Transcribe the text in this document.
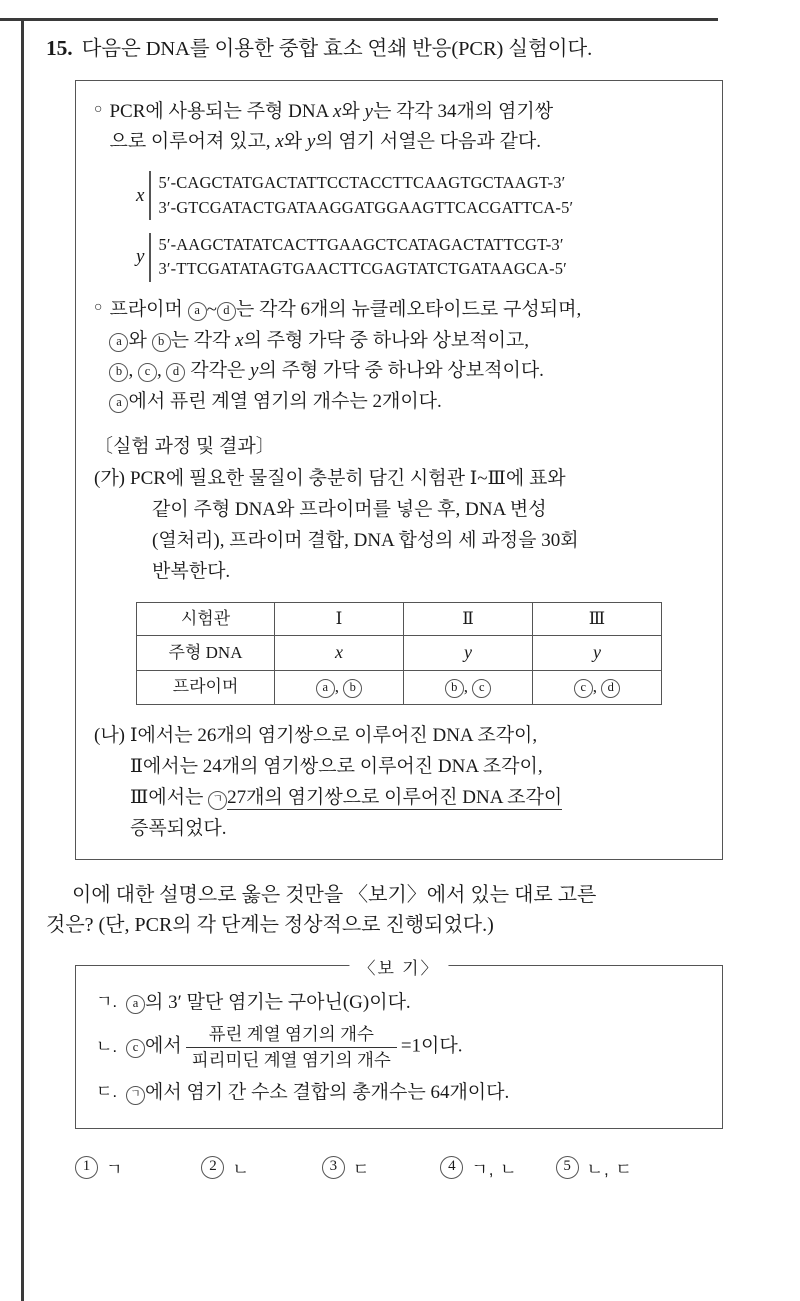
15. 다음은 DNA를 이용한 중합 효소 연쇄 반응(PCR) 실험이다.
○ PCR에 사용되는 주형 DNA x와 y는 각각 34개의 염기쌍

으로 이루어져 있고, x와 y의 염기 서열은 다음과 같다.

x
5′-CAGCTATGACTATTCCTACCTTCAAGTGCTAAGT-3′
3′-GTCGATACTGATAAGGATGGAAGTTCACGATTCA-5′
y
5′-AAGCTATATCACTTGAAGCTCATAGACTATTCGT-3′
3′-TTCGATATAGTGAACTTCGAGTATCTGATAAGCA-5′
○ 프라이머 a ~ d 는 각각 6개의 뉴클레오타이드로 구성되며,

a 와 b 는 각각 x의 주형 가닥 중 하나와 상보적이고,

b , c , d 각각은 y의 주형 가닥 중 하나와 상보적이다.

a 에서 퓨린 계열 염기의 개수는 2개이다.

〔실험 과정 및 결과〕
(가) PCR에 필요한 물질이 충분히 담긴 시험관 Ⅰ~Ⅲ에 표와

같이 주형 DNA와 프라이머를 넣은 후, DNA 변성

(열처리), 프라이머 결합, DNA 합성의 세 과정을 30회

반복한다.

시험관	Ⅰ	Ⅱ	Ⅲ
주형 DNA	x	y	y
프라이머	a , b	b , c	c , d
(나) Ⅰ에서는 26개의 염기쌍으로 이루어진 DNA 조각이,

Ⅱ에서는 24개의 염기쌍으로 이루어진 DNA 조각이,

Ⅲ에서는 ㄱ 27개의 염기쌍으로 이루어진 DNA 조각이

증폭되었다.

이에 대한 설명으로 옳은 것만을 〈보기〉에서 있는 대로 고른

것은? (단, PCR의 각 단계는 정상적으로 진행되었다.)

ㄱ.	a 의 3′ 말단 염기는 구아닌(G)이다.
ㄴ.	c 에서 $\frac{\text{퓨린 계열 염기의 개수}}{\text{피리미딘 계열 염기의 개수}} =1$이다.
ㄷ.	ㄱ 에서 염기 간 수소 결합의 총개수는 64개이다.
〈보 기〉
1 ㄱ	2 ㄴ	3 ㄷ	4 ㄱ, ㄴ	5 ㄴ, ㄷ
